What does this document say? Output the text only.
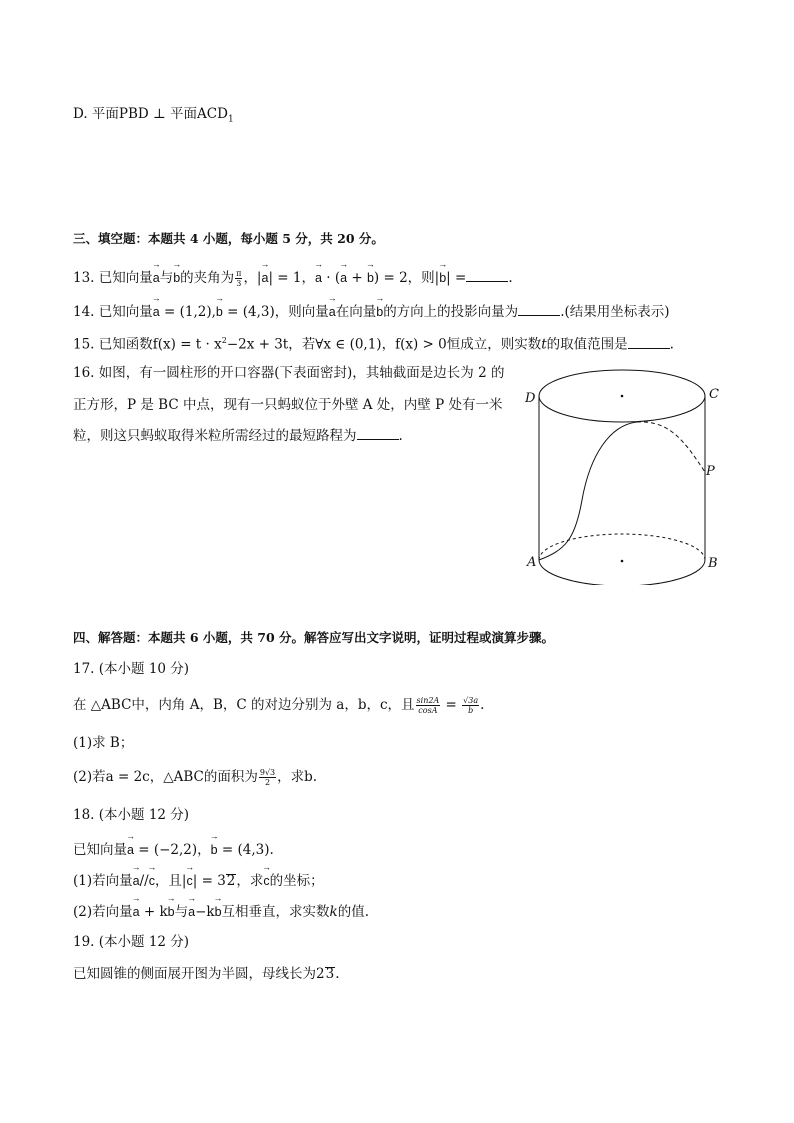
D. 平面PBD ⊥ 平面$ACD_1$
三、填空题：本题共 4 小题，每小题 5 分，共 20 分。
13. 已知向量→ a与→ b的夹角为 $\frac{\pi}{3}$ ，|→ a| = 1，→ a · (→ a + → b) = 2，则|→ b| =	.
14. 已知向量→ a = (1,2),→ b = (4,3)，则向量→ a在向量→ b的方向上的投影向量为	.(结果用坐标表示)
15. 已知函数$f(x) = t \cdot x^2-2x + 3t$，若∀x ∈ (0,1)，f(x) > 0恒成立，则实数t的取值范围是	.
16. 如图，有一圆柱形的开口容器(下表面密封)，其轴截面是边长为 2 的
正方形，P 是 BC 中点，现有一只蚂蚁位于外壁 A 处，内壁 P 处有一米
粒，则这只蚂蚁取得米粒所需经过的最短路程为	.
D	C
P
A	B
四、解答题：本题共 6 小题，共 70 分。解答应写出文字说明，证明过程或演算步骤。
17. (本小题 10 分)
在 △ABC中，内角 A，B，C 的对边分别为 a，b，c，且 $\frac{\sin 2A}{\cos A} = \frac{√3a}{b}$ .
(1)求 B；
(2)若a = 2c，△ABC的面积为 $\frac{9√3}{2}$ ，求b.
18. (本小题 12 分)
已知向量→ a = (−2,2)，→ b = (4,3).
(1)若向量→ a//→ c，且|→ c| = 32，求→ c的坐标；
(2)若向量→ a + k→ b与→ a−k→ b互相垂直，求实数k的值.
19. (本小题 12 分)
已知圆锥的侧面展开图为半圆，母线长为23.
